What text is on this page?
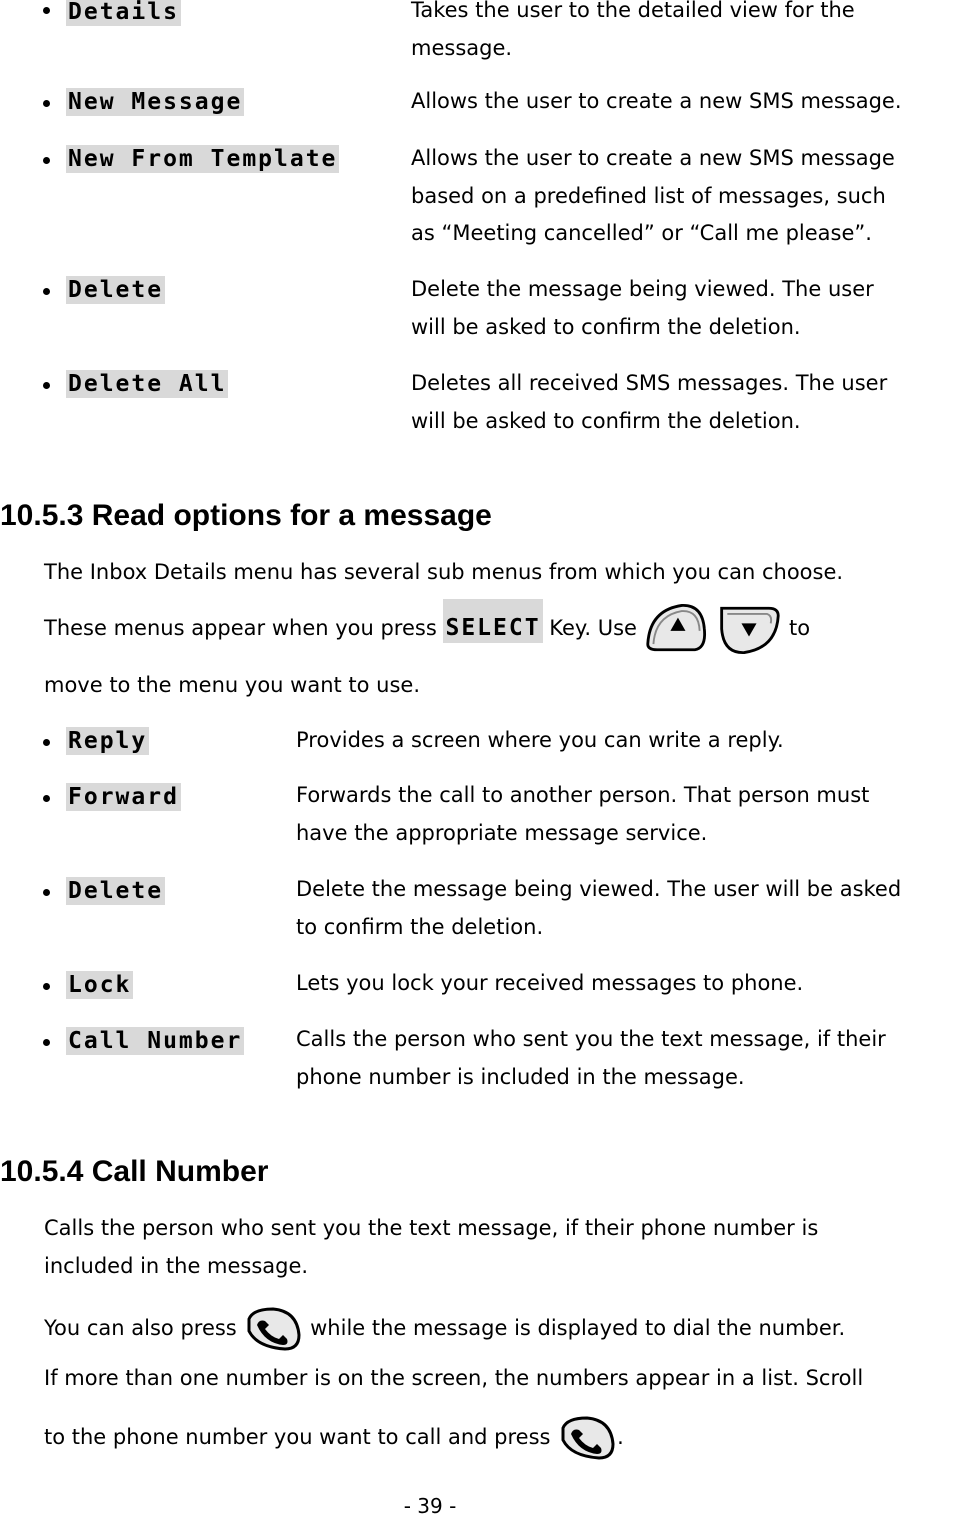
Details	Takes the user to the detailed view for the
message.
New Message	Allows the user to create a new SMS message.
New From Template	Allows the user to create a new SMS message
based on a predefined list of messages, such
as “Meeting cancelled” or “Call me please”.
Delete	Delete the message being viewed. The user
will be asked to confirm the deletion.
Delete All	Deletes all received SMS messages. The user
will be asked to confirm the deletion.
10.5.3 Read options for a message
The Inbox Details menu has several sub menus from which you can choose.
These menus appear when you press SELECT Key. Use	to
move to the menu you want to use.
Reply	Provides a screen where you can write a reply.
Forward	Forwards the call to another person. That person must
have the appropriate message service.
Delete	Delete the message being viewed. The user will be asked
to confirm the deletion.
Lock	Lets you lock your received messages to phone.
Call Number	Calls the person who sent you the text message, if their
phone number is included in the message.
10.5.4 Call Number
Calls the person who sent you the text message, if their phone number is
included in the message.
You can also press	while the message is displayed to dial the number.
If more than one number is on the screen, the numbers appear in a list. Scroll
to the phone number you want to call and press	.
- 39 -
